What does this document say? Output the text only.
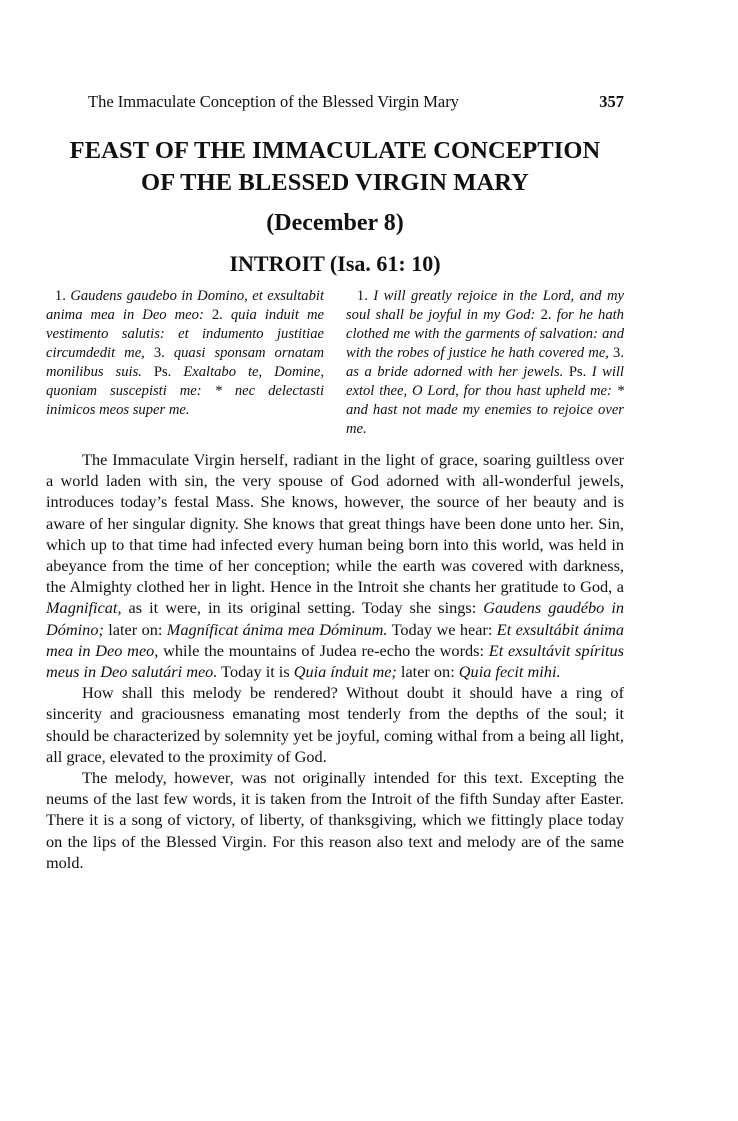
The Immaculate Conception of the Blessed Virgin Mary	357
FEAST OF THE IMMACULATE CONCEPTION
OF THE BLESSED VIRGIN MARY
(December 8)
INTROIT (Isa. 61: 10)
1. Gaudens gaudebo in Domino, et exsultabit anima mea in Deo meo: 2. quia induit me vestimento salutis: et indumento justitiae circumdedit me, 3. quasi sponsam ornatam monilibus suis. Ps. Exaltabo te, Domine, quoniam suscepisti me: * nec delectasti inimicos meos super me.
1. I will greatly rejoice in the Lord, and my soul shall be joyful in my God: 2. for he hath clothed me with the garments of salvation: and with the robes of justice he hath covered me, 3. as a bride adorned with her jewels. Ps. I will extol thee, O Lord, for thou hast upheld me: * and hast not made my enemies to rejoice over me.

The Immaculate Virgin herself, radiant in the light of grace, soaring guiltless over a world laden with sin, the very spouse of God adorned with all-wonderful jewels, introduces today’s festal Mass. She knows, however, the source of her beauty and is aware of her singular dignity. She knows that great things have been done unto her. Sin, which up to that time had infected every human being born into this world, was held in abeyance from the time of her conception; while the earth was covered with darkness, the Almighty clothed her in light. Hence in the Introit she chants her gratitude to God, a Magnificat, as it were, in its original setting. Today she sings: Gaudens gaudébo in Dómino; later on: Magníficat ánima mea Dóminum. Today we hear: Et exsultábit ánima mea in Deo meo, while the mountains of Judea re-echo the words: Et exsultávit spíritus meus in Deo salutári meo. Today it is Quia índuit me; later on: Quia fecit mihi.

How shall this melody be rendered? Without doubt it should have a ring of sincerity and graciousness emanating most tenderly from the depths of the soul; it should be characterized by solemnity yet be joyful, coming withal from a being all light, all grace, elevated to the proximity of God.

The melody, however, was not originally intended for this text. Excepting the neums of the last few words, it is taken from the Introit of the fifth Sunday after Easter. There it is a song of victory, of liberty, of thanksgiving, which we fittingly place today on the lips of the Blessed Virgin. For this reason also text and melody are of the same mold.
